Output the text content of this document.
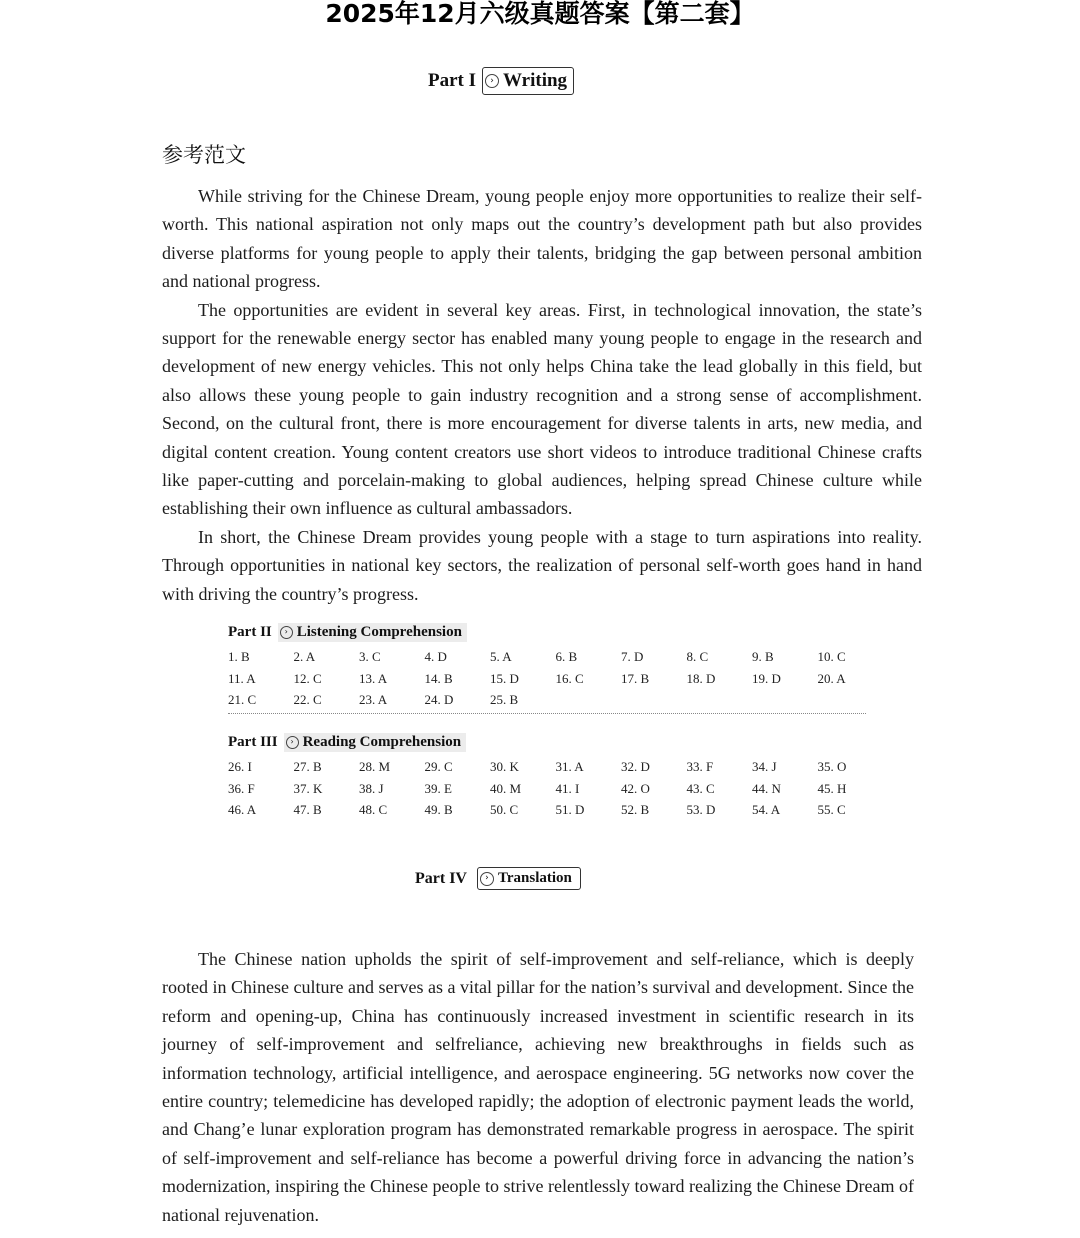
2025年12月六级真题答案【第二套】
Part I	› Writing
参考范文

While striving for the Chinese Dream, young people enjoy more opportunities to realize their self-worth. This national aspiration not only maps out the country’s development path but also provides diverse platforms for young people to apply their talents, bridging the gap between personal ambition and national progress.

The opportunities are evident in several key areas. First, in technological innovation, the state’s support for the renewable energy sector has enabled many young people to engage in the research and development of new energy vehicles. This not only helps China take the lead globally in this field, but also allows these young people to gain industry recognition and a strong sense of accomplishment. Second, on the cultural front, there is more encouragement for diverse talents in arts, new media, and digital content creation. Young content creators use short videos to introduce traditional Chinese crafts like paper-cutting and porcelain-making to global audiences, helping spread Chinese culture while establishing their own influence as cultural ambassadors.

In short, the Chinese Dream provides young people with a stage to turn aspirations into reality. Through opportunities in national key sectors, the realization of personal self-worth goes hand in hand with driving the country’s progress.

Part II	› Listening Comprehension
1. B	2. A	3. C	4. D	5. A	6. B	7. D	8. C	9. B	10. C
11. A	12. C	13. A	14. B	15. D	16. C	17. B	18. D	19. D	20. A
21. C	22. C	23. A	24. D	25. B
Part III	› Reading Comprehension
26. I	27. B	28. M	29. C	30. K	31. A	32. D	33. F	34. J	35. O
36. F	37. K	38. J	39. E	40. M	41. I	42. O	43. C	44. N	45. H
46. A	47. B	48. C	49. B	50. C	51. D	52. B	53. D	54. A	55. C
Part IV	› Translation

The Chinese nation upholds the spirit of self-improvement and self-reliance, which is deeply rooted in Chinese culture and serves as a vital pillar for the nation’s survival and development. Since the reform and opening-up, China has continuously increased investment in scientific research in its journey of self-improvement and selfreliance, achieving new breakthroughs in fields such as information technology, artificial intelligence, and aerospace engineering. 5G networks now cover the entire country; telemedicine has developed rapidly; the adoption of electronic payment leads the world, and Chang’e lunar exploration program has demonstrated remarkable progress in aerospace. The spirit of self-improvement and self-reliance has become a powerful driving force in advancing the nation’s modernization, inspiring the Chinese people to strive relentlessly toward realizing the Chinese Dream of national rejuvenation.
